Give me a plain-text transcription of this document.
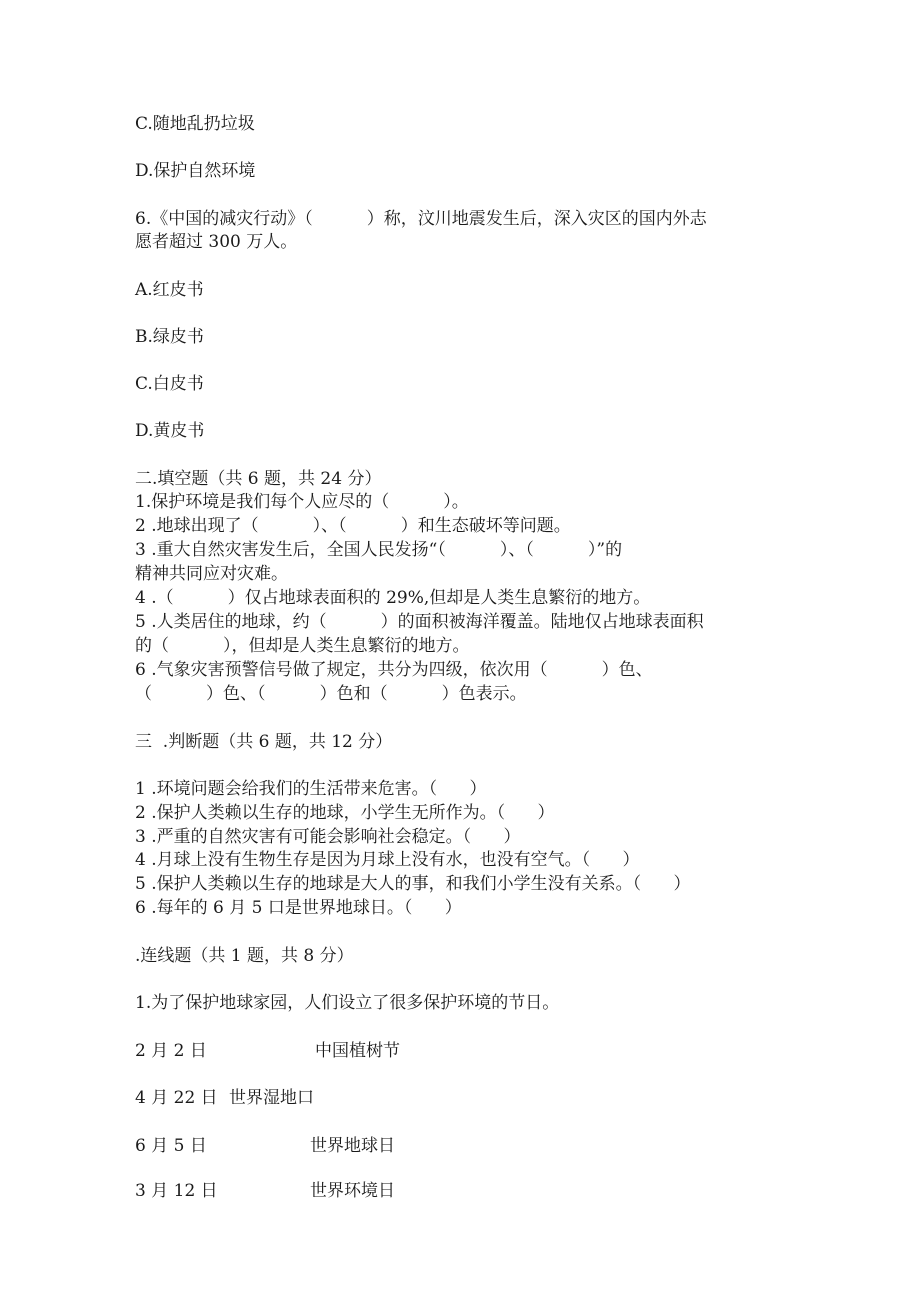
C.随地乱扔垃圾
D.保护自然环境
6.《中国的减灾行动》（          ）称，汶川地震发生后，深入灾区的国内外志
愿者超过 300 万人。
A.红皮书
B.绿皮书
C.白皮书
D.黄皮书
二.填空题（共 6 题，共 24 分）
1.保护环境是我们每个人应尽的（          ）。
2 .地球出现了（          ）、（          ）和生态破坏等问题。
3 .重大自然灾害发生后，全国人民发扬“（          ）、（          ）”的
精神共同应对灾难。
4 .（          ）仅占地球表面积的 29%,但却是人类生息繁衍的地方。
5 .人类居住的地球，约（          ）的面积被海洋覆盖。陆地仅占地球表面积
的（          ），但却是人类生息繁衍的地方。
6 .气象灾害预警信号做了规定，共分为四级，依次用（          ）色、
（          ）色、（          ）色和（          ）色表示。
三  .判断题（共 6 题，共 12 分）
1 .环境问题会给我们的生活带来危害。（      ）
2 .保护人类赖以生存的地球，小学生无所作为。（      ）
3 .严重的自然灾害有可能会影响社会稳定。（      ）
4 .月球上没有生物生存是因为月球上没有水，也没有空气。（      ）
5 .保护人类赖以生存的地球是大人的事，和我们小学生没有关系。（      ）
6 .每年的 6 月 5 口是世界地球日。（      ）
.连线题（共 1 题，共 8 分）
1.为了保护地球家园，人们设立了很多保护环境的节日。
2 月 2 日	中国植树节
4 月 22 日 世界湿地口
6 月 5 日	世界地球日
3 月 12 日	世界环境日
